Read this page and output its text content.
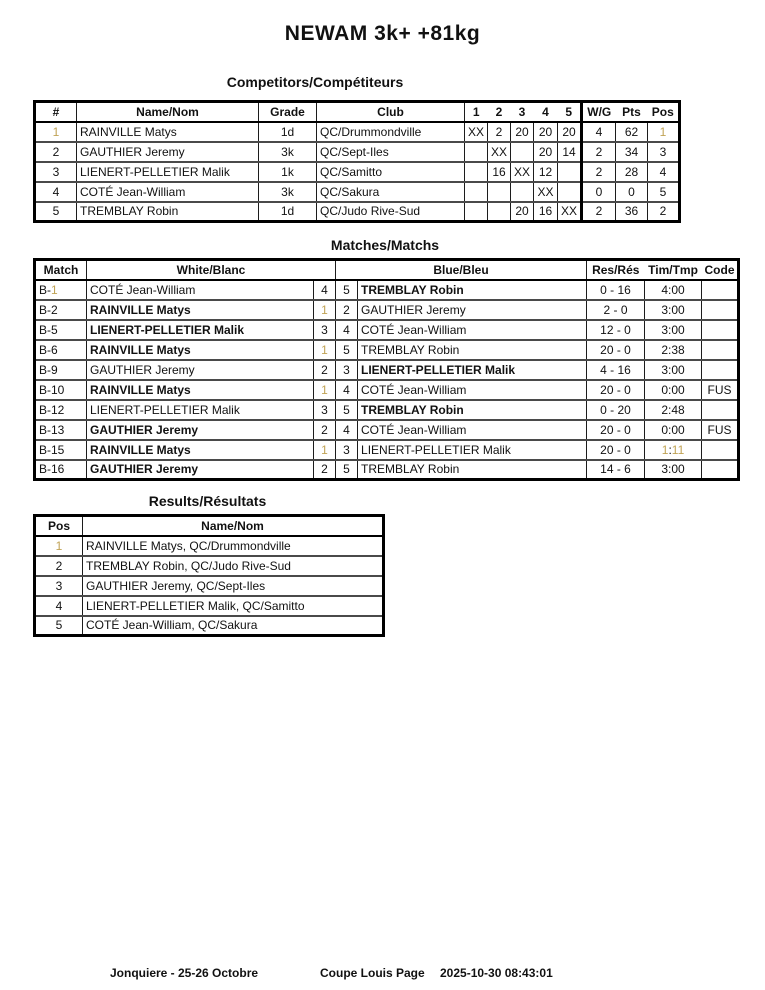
NEWAM 3k+ +81kg
Competitors/Compétiteurs
#	Name/Nom	Grade	Club	1	2	3	4	5	W/G	Pts	Pos
1	RAINVILLE Matys	1d	QC/Drummondville	XX	2	20	20	20	4	62	1
2	GAUTHIER Jeremy	3k	QC/Sept-Iles		XX		20	14	2	34	3
3	LIENERT-PELLETIER Malik	1k	QC/Samitto		16	XX	12		2	28	4
4	COTÉ Jean-William	3k	QC/Sakura				XX		0	0	5
5	TREMBLAY Robin	1d	QC/Judo Rive-Sud			20	16	XX	2	36	2
Matches/Matchs
Match	White/Blanc		Blue/Bleu		Res/Rés	Tim/Tmp	Code
B-1	COTÉ Jean-William	4	5	TREMBLAY Robin	0 - 16	4:00	
B-2	RAINVILLE Matys	1	2	GAUTHIER Jeremy	2 - 0	3:00	
B-5	LIENERT-PELLETIER Malik	3	4	COTÉ Jean-William	12 - 0	3:00	
B-6	RAINVILLE Matys	1	5	TREMBLAY Robin	20 - 0	2:38	
B-9	GAUTHIER Jeremy	2	3	LIENERT-PELLETIER Malik	4 - 16	3:00	
B-10	RAINVILLE Matys	1	4	COTÉ Jean-William	20 - 0	0:00	FUS
B-12	LIENERT-PELLETIER Malik	3	5	TREMBLAY Robin	0 - 20	2:48	
B-13	GAUTHIER Jeremy	2	4	COTÉ Jean-William	20 - 0	0:00	FUS
B-15	RAINVILLE Matys	1	3	LIENERT-PELLETIER Malik	20 - 0	1:11	
B-16	GAUTHIER Jeremy	2	5	TREMBLAY Robin	14 - 6	3:00	
Results/Résultats
Pos	Name/Nom
1	RAINVILLE Matys, QC/Drummondville
2	TREMBLAY Robin, QC/Judo Rive-Sud
3	GAUTHIER Jeremy, QC/Sept-Iles
4	LIENERT-PELLETIER Malik, QC/Samitto
5	COTÉ Jean-William, QC/Sakura
Jonquiere - 25-26 Octobre	Coupe Louis Page 2025-10-30 08:43:01
